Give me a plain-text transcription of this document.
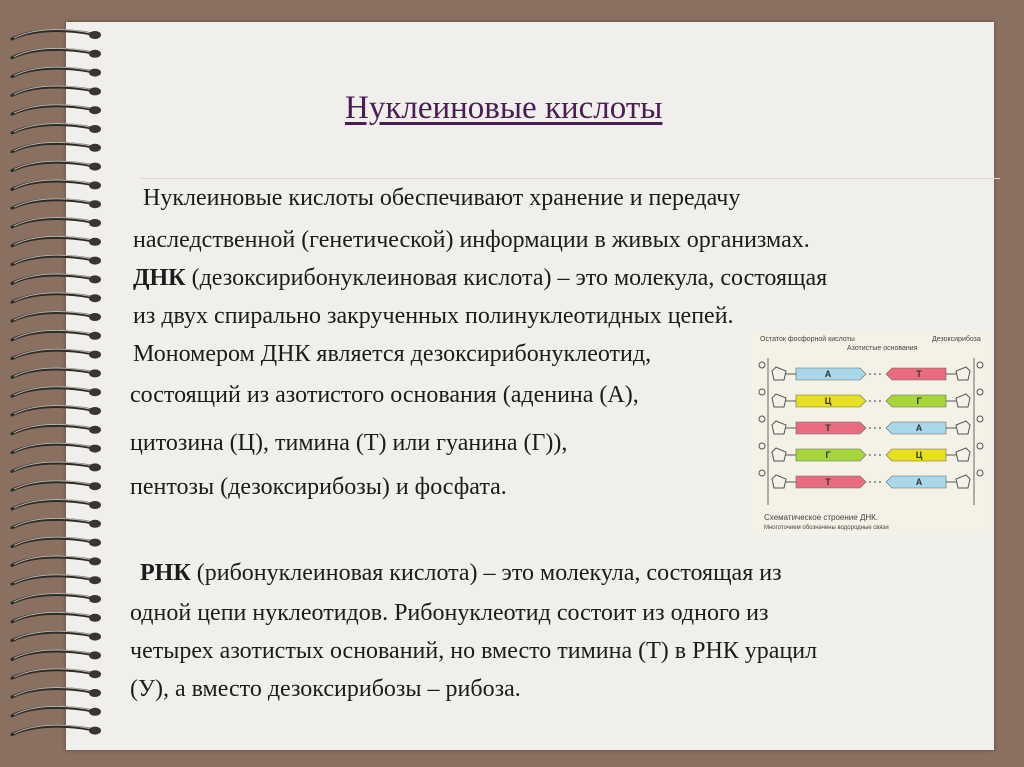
Нуклеиновые кислоты
Нуклеиновые кислоты обеспечивают хранение и передачу
наследственной (генетической) информации в живых организмах.
ДНК (дезоксирибонуклеиновая кислота) – это молекула, состоящая
из двух спирально закрученных полинуклеотидных цепей.
Мономером ДНК является дезоксирибонуклеотид,
состоящий из азотистого основания (аденина (А),
цитозина (Ц), тимина (Т) или гуанина (Г)),
пентозы (дезоксирибозы) и фосфата.
РНК (рибонуклеиновая кислота) – это молекула, состоящая из
одной цепи нуклеотидов. Рибонуклеотид состоит из одного из
четырех азотистых оснований, но вместо тимина (Т) в РНК урацил
(У), а вместо дезоксирибозы – рибоза.
Остаток фосфорной кислоты
Азотистые основания
Дезоксирибоза
А	Т
Ц	Г
Т	А
Г	Ц
Т	А
Схематическое строение ДНК.
Многоточием обозначены водородные связи
